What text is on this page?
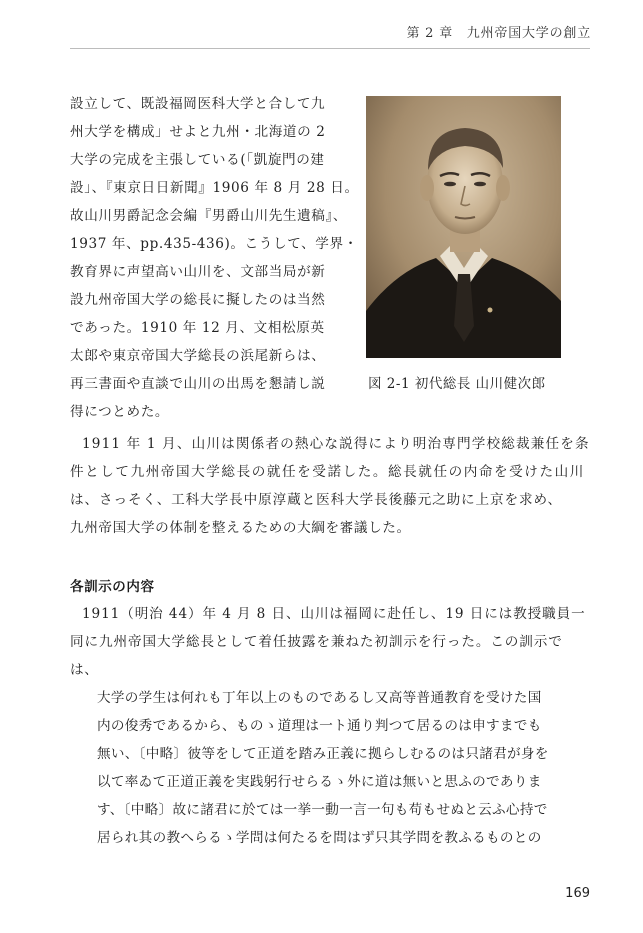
第 2 章　九州帝国大学の創立
設立して、既設福岡医科大学と合して九
州大学を構成」せよと九州・北海道の 2
大学の完成を主張している(「凱旋門の建
設」、『東京日日新聞』1906 年 8 月 28 日。
故山川男爵記念会編『男爵山川先生遺稿』、
1937 年、pp.435-436)。こうして、学界・
教育界に声望高い山川を、文部当局が新
設九州帝国大学の総長に擬したのは当然
であった。1910 年 12 月、文相松原英
太郎や東京帝国大学総長の浜尾新らは、
再三書面や直談で山川の出馬を懇請し説
得につとめた。
図 2-1 初代総長 山川健次郎
1911 年 1 月、山川は関係者の熱心な説得により明治専門学校総裁兼任を条
件として九州帝国大学総長の就任を受諾した。総長就任の内命を受けた山川
は、さっそく、工科大学長中原淳蔵と医科大学長後藤元之助に上京を求め、
九州帝国大学の体制を整えるための大綱を審議した。
各訓示の内容
1911（明治 44）年 4 月 8 日、山川は福岡に赴任し、19 日には教授職員一
同に九州帝国大学総長として着任披露を兼ねた初訓示を行った。この訓示で
は、
大学の学生は何れも丁年以上のものであるし又高等普通教育を受けた国
内の俊秀であるから、ものゝ道理は一ト通り判つて居るのは申すまでも
無い、〔中略〕彼等をして正道を踏み正義に拠らしむるのは只諸君が身を
以て率ゐて正道正義を実践躬行せらるゝ外に道は無いと思ふのでありま
す、〔中略〕故に諸君に於ては一挙一動一言一句も苟もせぬと云ふ心持で
居られ其の教へらるゝ学問は何たるを問はず只其学問を教ふるものとの
169
